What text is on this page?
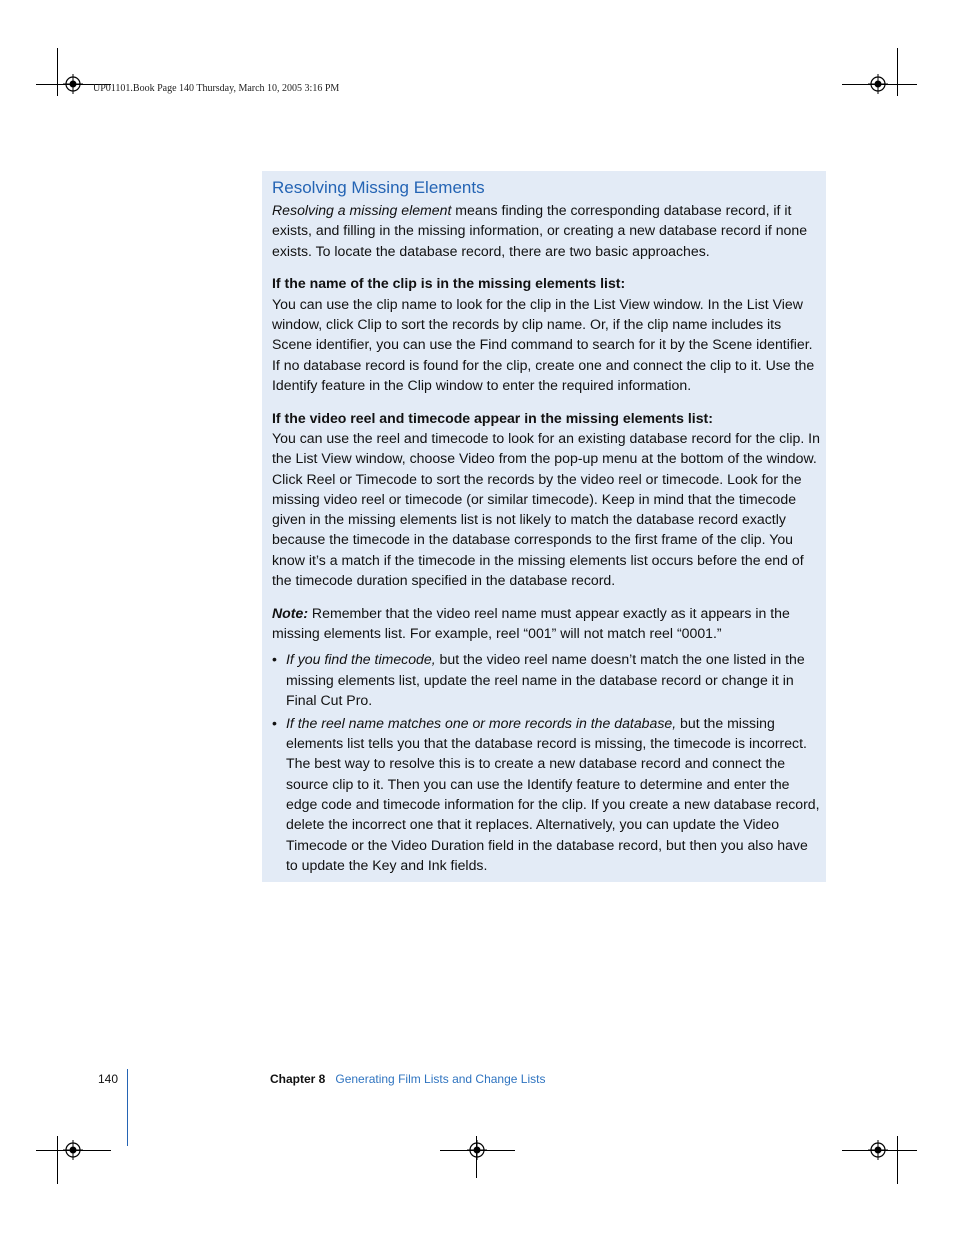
UP01101.Book Page 140 Thursday, March 10, 2005 3:16 PM
Resolving Missing Elements

Resolving a missing element means finding the corresponding database record, if it exists, and filling in the missing information, or creating a new database record if none exists. To locate the database record, there are two basic approaches.

If the name of the clip is in the missing elements list:

You can use the clip name to look for the clip in the List View window. In the List View window, click Clip to sort the records by clip name. Or, if the clip name includes its Scene identifier, you can use the Find command to search for it by the Scene identifier. If no database record is found for the clip, create one and connect the clip to it. Use the Identify feature in the Clip window to enter the required information.

If the video reel and timecode appear in the missing elements list:

You can use the reel and timecode to look for an existing database record for the clip. In the List View window, choose Video from the pop-up menu at the bottom of the window. Click Reel or Timecode to sort the records by the video reel or timecode. Look for the missing video reel or timecode (or similar timecode). Keep in mind that the timecode given in the missing elements list is not likely to match the database record exactly because the timecode in the database corresponds to the first frame of the clip. You know it’s a match if the timecode in the missing elements list occurs before the end of the timecode duration specified in the database record.

Note: Remember that the video reel name must appear exactly as it appears in the missing elements list. For example, reel “001” will not match reel “0001.”

• If you find the timecode, but the video reel name doesn’t match the one listed in the missing elements list, update the reel name in the database record or change it in Final Cut Pro.
• If the reel name matches one or more records in the database, but the missing elements list tells you that the database record is missing, the timecode is incorrect. The best way to resolve this is to create a new database record and connect the source clip to it. Then you can use the Identify feature to determine and enter the edge code and timecode information for the clip. If you create a new database record, delete the incorrect one that it replaces. Alternatively, you can update the Video Timecode or the Video Duration field in the database record, but then you also have to update the Key and Ink fields.
140	Chapter 8 Generating Film Lists and Change Lists
